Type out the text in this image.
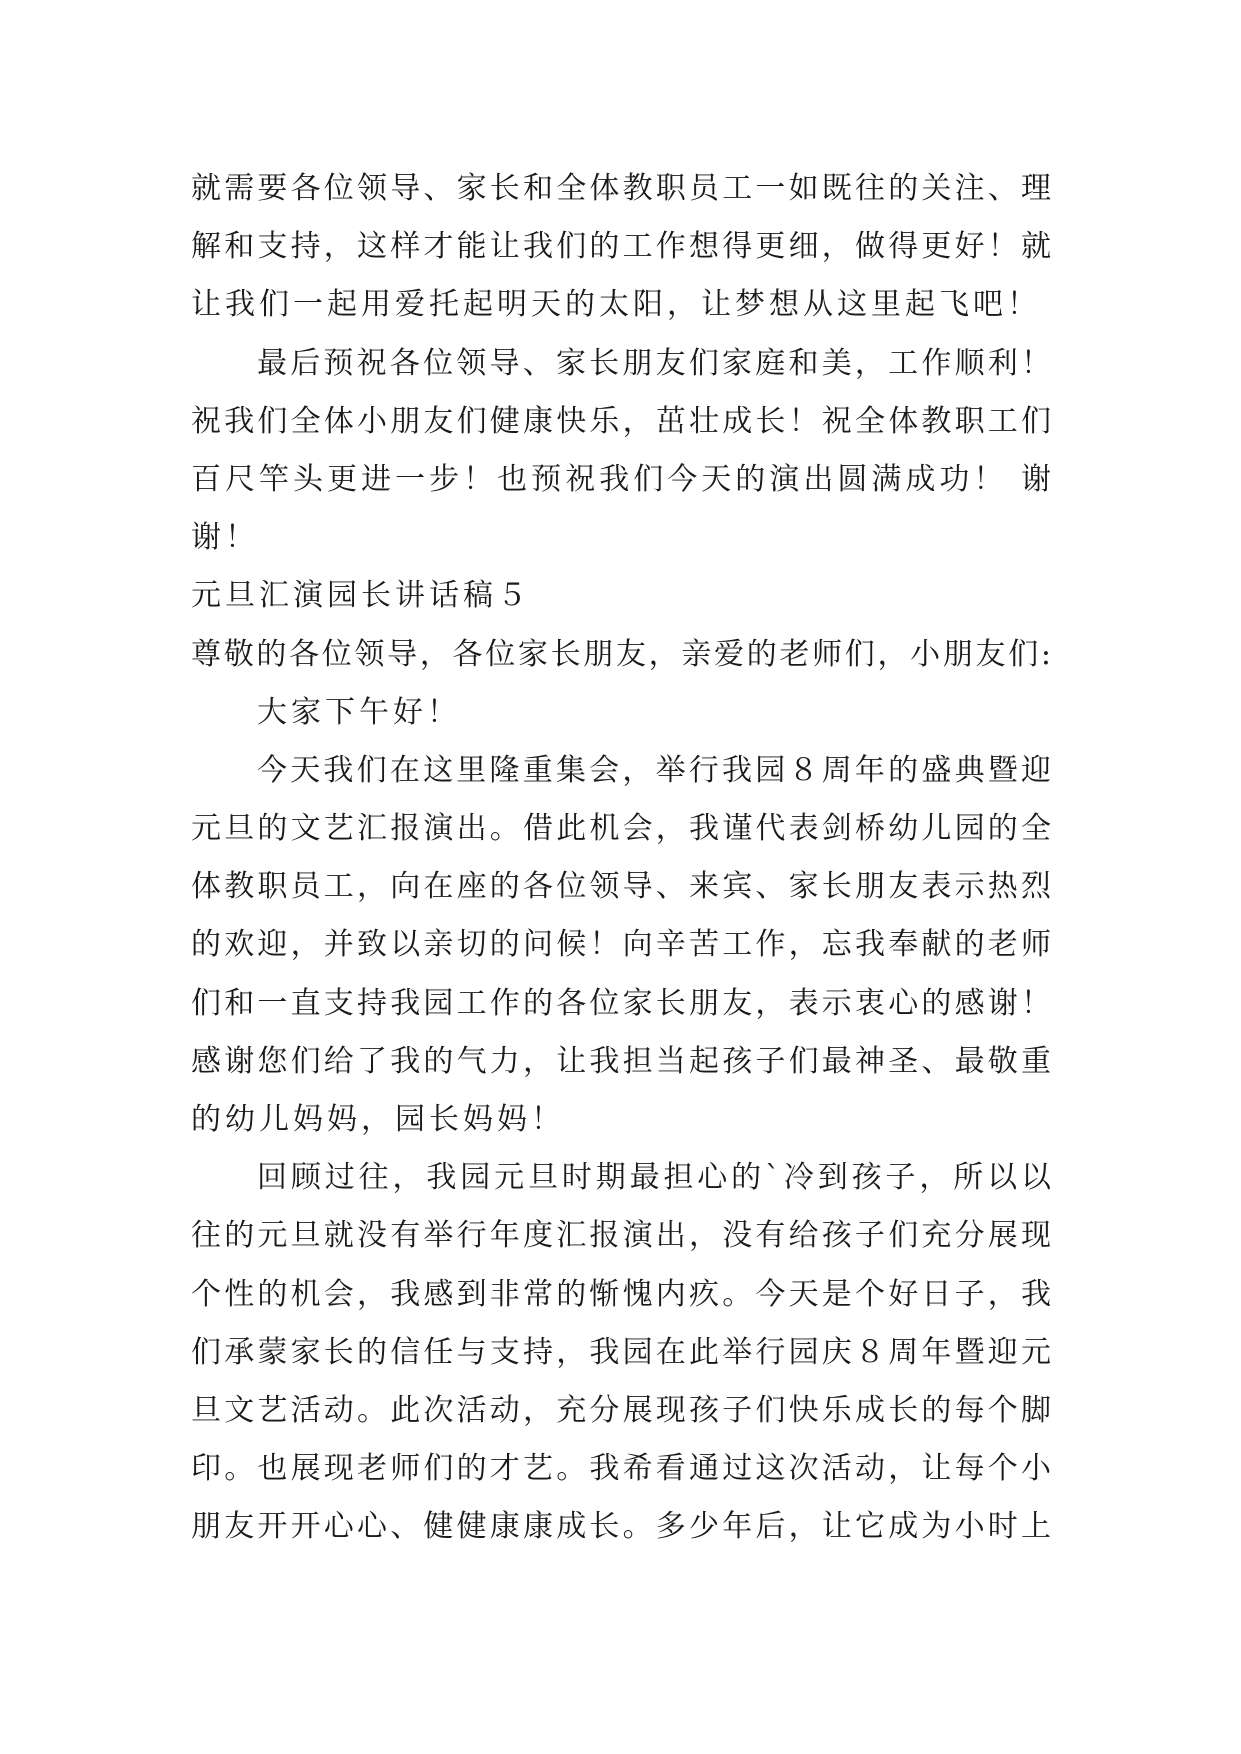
就需要各位领导、家长和全体教职员工一如既往的关注、理
解和支持，这样才能让我们的工作想得更细，做得更好！就
让我们一起用爱托起明天的太阳，让梦想从这里起飞吧！
最后预祝各位领导、家长朋友们家庭和美，工作顺利！
祝我们全体小朋友们健康快乐，茁壮成长！祝全体教职工们
百尺竿头更进一步！也预祝我们今天的演出圆满成功！ 谢
谢！
元旦汇演园长讲话稿５
尊敬的各位领导，各位家长朋友，亲爱的老师们，小朋友们:
大家下午好！
今天我们在这里隆重集会，举行我园８周年的盛典暨迎
元旦的文艺汇报演出。借此机会，我谨代表剑桥幼儿园的全
体教职员工，向在座的各位领导、来宾、家长朋友表示热烈
的欢迎，并致以亲切的问候！向辛苦工作，忘我奉献的老师
们和一直支持我园工作的各位家长朋友，表示衷心的感谢！
感谢您们给了我的气力，让我担当起孩子们最神圣、最敬重
的幼儿妈妈，园长妈妈！
回顾过往，我园元旦时期最担心的`冷到孩子，所以以
往的元旦就没有举行年度汇报演出，没有给孩子们充分展现
个性的机会，我感到非常的惭愧内疚。今天是个好日子，我
们承蒙家长的信任与支持，我园在此举行园庆８周年暨迎元
旦文艺活动。此次活动，充分展现孩子们快乐成长的每个脚
印。也展现老师们的才艺。我希看通过这次活动，让每个小
朋友开开心心、健健康康成长。多少年后，让它成为小时上
